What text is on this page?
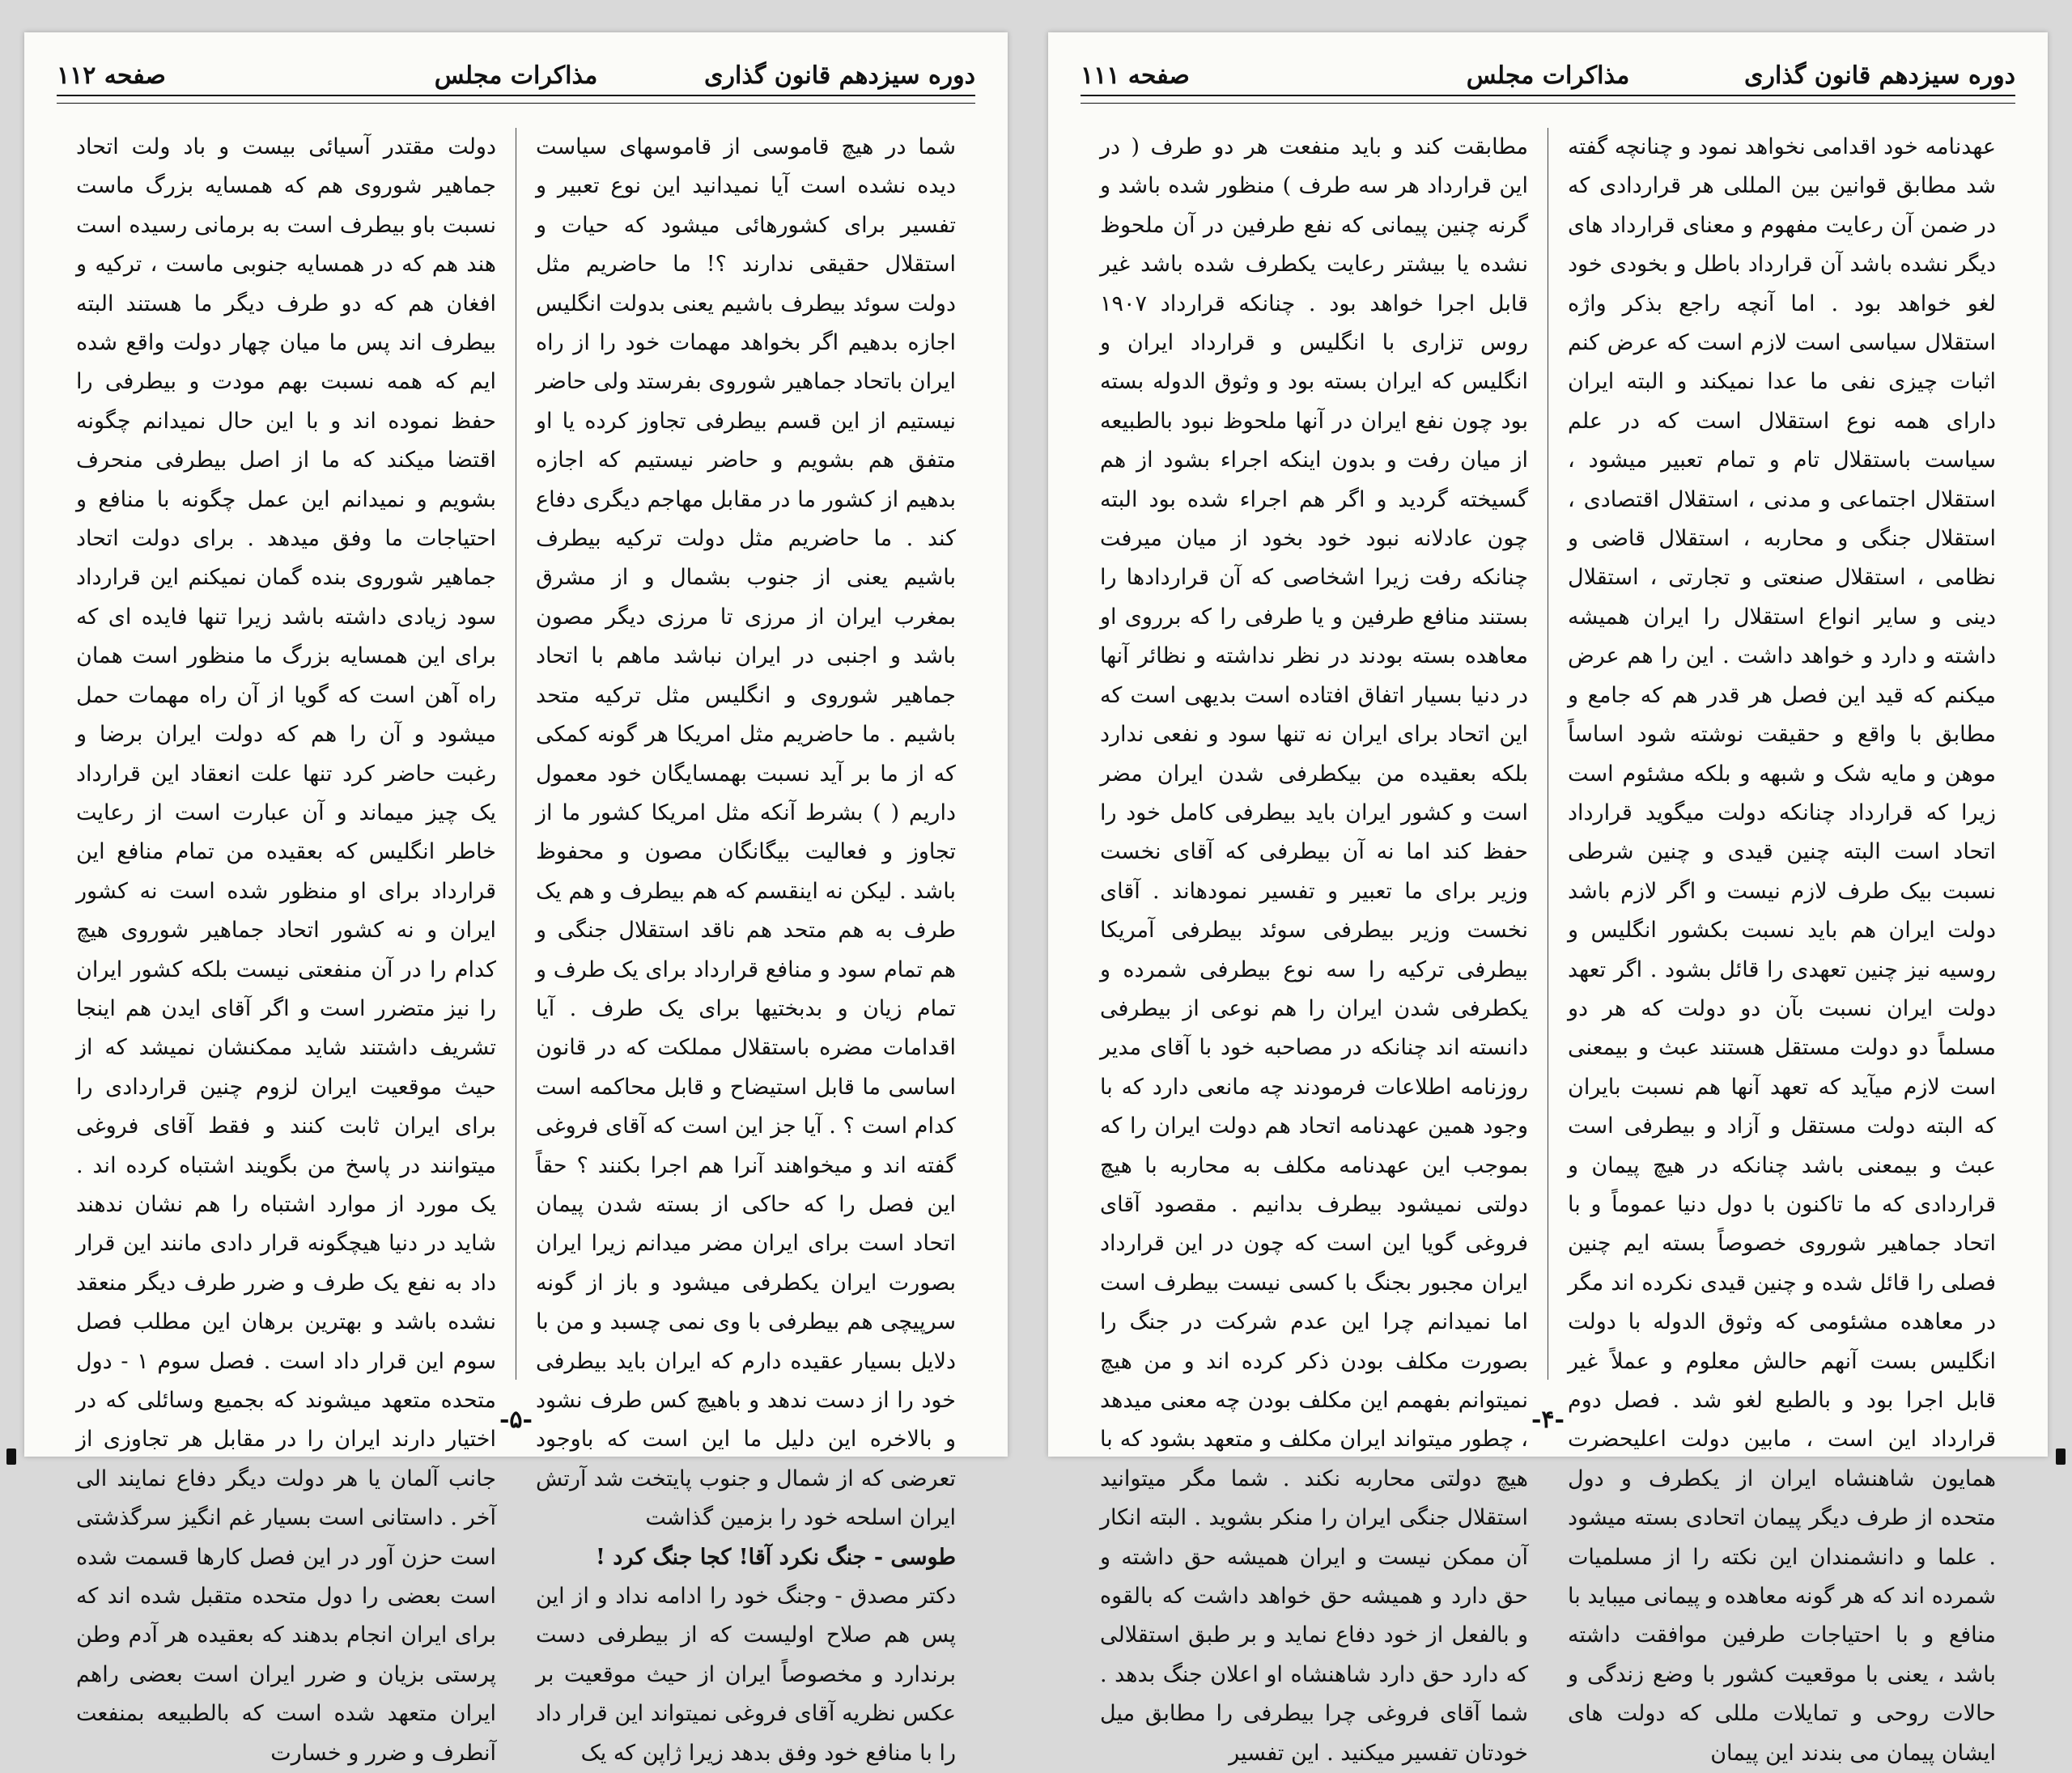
دوره سیزدهم قانون گذاری
مذاکرات مجلس
صفحه ۱۱۲

شما در هیچ قاموسی از قاموسهای سیاست دیده نشده است آیا نمیدانید این نوع تعبیر و تفسیر برای کشورهائی میشود که حیات و استقلال حقیقی ندارند ؟! ما حاضریم مثل دولت سوئد بیطرف باشیم یعنی بدولت انگلیس اجازه بدهیم اگر بخواهد مهمات خود را از راه ایران باتحاد جماهیر شوروی بفرستد ولی حاضر نیستیم از این قسم بیطرفی تجاوز کرده یا او متفق هم بشویم و حاضر نیستیم که اجازه بدهیم از کشور ما در مقابل مهاجم دیگری دفاع کند . ما حاضریم مثل دولت ترکیه بیطرف باشیم یعنی از جنوب بشمال و از مشرق بمغرب ایران از مرزی تا مرزی دیگر مصون باشد و اجنبی در ایران نباشد ماهم با اتحاد جماهیر شوروی و انگلیس مثل ترکیه متحد باشیم . ما حاضریم مثل امریکا هر گونه کمکی که از ما بر آید نسبت بهمسایگان خود معمول داریم ( ) بشرط آنکه مثل امریکا کشور ما از تجاوز و فعالیت بیگانگان مصون و محفوظ باشد . لیکن نه اینقسم که هم بیطرف و هم یک طرف به هم متحد هم ناقد استقلال جنگی و هم تمام سود و منافع قرارداد برای یک طرف و تمام زیان و بدبختیها برای یک طرف . آیا اقدامات مضره باستقلال مملکت که در قانون اساسی ما قابل استیضاح و قابل محاکمه است کدام است ؟ . آیا جز این است که آقای فروغی گفته اند و میخواهند آنرا هم اجرا بکنند ؟ حقاً این فصل را که حاکی از بسته شدن پیمان اتحاد است برای ایران مضر میدانم زیرا ایران بصورت ایران یکطرفی میشود و باز از گونه سرپیچی هم بیطرفی با وی نمی چسبد و من با دلایل بسیار عقیده دارم که ایران باید بیطرفی خود را از دست ندهد و باهیچ کس طرف نشود و بالاخره این دلیل ما این است که باوجود تعرضی که از شمال و جنوب پایتخت شد آرتش ایران اسلحه خود را بزمین گذاشت

طوسی - جنگ نکرد آقا! کجا جنگ کرد !

دکتر مصدق - وجنگ خود را ادامه نداد و از این پس هم صلاح اولیست که از بیطرفی دست برندارد و مخصوصاً ایران از حیث موقعیت بر عکس نظریه آقای فروغی نمیتواند این قرار داد را با منافع خود وفق بدهد زیرا ژاپن که یک

دولت مقتدر آسیائی بیست و باد ولت اتحاد جماهیر شوروی هم که همسایه بزرگ ماست نسبت باو بیطرف است به برمانی رسیده است هند هم که در همسایه جنوبی ماست ، ترکیه و افغان هم که دو طرف دیگر ما هستند البته بیطرف اند پس ما میان چهار دولت واقع شده ایم که همه نسبت بهم مودت و بیطرفی را حفظ نموده اند و با این حال نمیدانم چگونه اقتضا میکند که ما از اصل بیطرفی منحرف بشویم و نمیدانم این عمل چگونه با منافع و احتیاجات ما وفق میدهد . برای دولت اتحاد جماهیر شوروی بنده گمان نمیکنم این قرارداد سود زیادی داشته باشد زیرا تنها فایده ای که برای این همسایه بزرگ ما منظور است همان راه آهن است که گویا از آن راه مهمات حمل میشود و آن را هم که دولت ایران برضا و رغبت حاضر کرد تنها علت انعقاد این قرارداد یک چیز میماند و آن عبارت است از رعایت خاطر انگلیس که بعقیده من تمام منافع این قرارداد برای او منظور شده است نه کشور ایران و نه کشور اتحاد جماهیر شوروی هیچ کدام را در آن منفعتی نیست بلکه کشور ایران را نیز متضرر است و اگر آقای ایدن هم اینجا تشریف داشتند شاید ممکنشان نمیشد که از حیث موقعیت ایران لزوم چنین قراردادی را برای ایران ثابت کنند و فقط آقای فروغی میتوانند در پاسخ من بگویند اشتباه کرده اند . یک مورد از موارد اشتباه را هم نشان ندهند شاید در دنیا هیچگونه قرار دادی مانند این قرار داد به نفع یک طرف و ضرر طرف دیگر منعقد نشده باشد و بهترین برهان این مطلب فصل سوم این قرار داد است . فصل سوم ۱ - دول متحده متعهد میشوند که بجمیع وسائلی که در اختیار دارند ایران را در مقابل هر تجاوزی از جانب آلمان یا هر دولت دیگر دفاع نمایند الی آخر . داستانی است بسیار غم انگیز سرگذشتی است حزن آور در این فصل کارها قسمت شده است بعضی را دول متحده متقبل شده اند که برای ایران انجام بدهند که بعقیده هر آدم وطن پرستی بزیان و ضرر ایران است بعضی راهم ایران متعهد شده است که بالطبیعه بمنفعت آنطرف و ضرر و خسارت

-۵-
دوره سیزدهم قانون گذاری
مذاکرات مجلس
صفحه ۱۱۱

عهدنامه خود اقدامی نخواهد نمود و چنانچه گفته شد مطابق قوانین بین المللی هر قراردادی که در ضمن آن رعایت مفهوم و معنای قرارداد های دیگر نشده باشد آن قرارداد باطل و بخودی خود لغو خواهد بود . اما آنچه راجع بذکر واژه استقلال سیاسی است لازم است که عرض کنم اثبات چیزی نفی ما عدا نمیکند و البته ایران دارای همه نوع استقلال است که در علم سیاست باستقلال تام و تمام تعبیر میشود ، استقلال اجتماعی و مدنی ، استقلال اقتصادی ، استقلال جنگی و محاربه ، استقلال قاضی و نظامی ، استقلال صنعتی و تجارتی ، استقلال دینی و سایر انواع استقلال را ایران همیشه داشته و دارد و خواهد داشت . این را هم عرض میکنم که قید این فصل هر قدر هم که جامع و مطابق با واقع و حقیقت نوشته شود اساساً موهن و مایه شک و شبهه و بلکه مشئوم است زیرا که قرارداد چنانکه دولت میگوید قرارداد اتحاد است البته چنین قیدی و چنین شرطی نسبت بیک طرف لازم نیست و اگر لازم باشد دولت ایران هم باید نسبت بکشور انگلیس و روسیه نیز چنین تعهدی را قائل بشود . اگر تعهد دولت ایران نسبت بآن دو دولت که هر دو مسلماً دو دولت مستقل هستند عبث و بیمعنی است لازم میآید که تعهد آنها هم نسبت بایران که البته دولت مستقل و آزاد و بیطرفی است عبث و بیمعنی باشد چنانکه در هیچ پیمان و قراردادی که ما تاکنون با دول دنیا عموماً و با اتحاد جماهیر شوروی خصوصاً بسته ایم چنین فصلی را قائل شده و چنین قیدی نکرده اند مگر در معاهده مشئومی که وثوق الدوله با دولت انگلیس بست آنهم حالش معلوم و عملاً غیر قابل اجرا بود و بالطبع لغو شد . فصل دوم قرارداد این است ، مابین دولت اعلیحضرت همایون شاهنشاه ایران از یکطرف و دول متحده از طرف دیگر پیمان اتحادی بسته میشود . علما و دانشمندان این نکته را از مسلمیات شمرده اند که هر گونه معاهده و پیمانی میباید با منافع و با احتیاجات طرفین موافقت داشته باشد ، یعنی با موقعیت کشور با وضع زندگی و حالات روحی و تمایلات مللی که دولت های ایشان پیمان می بندند این پیمان

مطابقت کند و باید منفعت هر دو طرف ( در این قرارداد هر سه طرف ) منظور شده باشد و گرنه چنین پیمانی که نفع طرفین در آن ملحوظ نشده یا بیشتر رعایت یکطرف شده باشد غیر قابل اجرا خواهد بود . چنانکه قرارداد ۱۹۰۷ روس تزاری با انگلیس و قرارداد ایران و انگلیس که ایران بسته بود و وثوق الدوله بسته بود چون نفع ایران در آنها ملحوظ نبود بالطبیعه از میان رفت و بدون اینکه اجراء بشود از هم گسیخته گردید و اگر هم اجراء شده بود البته چون عادلانه نبود خود بخود از میان میرفت چنانکه رفت زیرا اشخاصی که آن قراردادها را بستند منافع طرفین و یا طرفی را که برروی او معاهده بسته بودند در نظر نداشته و نظائر آنها در دنیا بسیار اتفاق افتاده است بدیهی است که این اتحاد برای ایران نه تنها سود و نفعی ندارد بلکه بعقیده من بیکطرفی شدن ایران مضر است و کشور ایران باید بیطرفی کامل خود را حفظ کند اما نه آن بیطرفی که آقای نخست وزیر برای ما تعبیر و تفسیر نمودهاند . آقای نخست وزیر بیطرفی سوئد بیطرفی آمریکا بیطرفی ترکیه را سه نوع بیطرفی شمرده و یکطرفی شدن ایران را هم نوعی از بیطرفی دانسته اند چنانکه در مصاحبه خود با آقای مدیر روزنامه اطلاعات فرمودند چه مانعی دارد که با وجود همین عهدنامه اتحاد هم دولت ایران را که بموجب این عهدنامه مکلف به محاربه با هیچ دولتی نمیشود بیطرف بدانیم . مقصود آقای فروغی گویا این است که چون در این قرارداد ایران مجبور بجنگ با کسی نیست بیطرف است اما نمیدانم چرا این عدم شرکت در جنگ را بصورت مکلف بودن ذکر کرده اند و من هیچ نمیتوانم بفهمم این مکلف بودن چه معنی میدهد ، چطور میتواند ایران مکلف و متعهد بشود که با هیچ دولتی محاربه نکند . شما مگر میتوانید استقلال جنگی ایران را منکر بشوید . البته انکار آن ممکن نیست و ایران همیشه حق داشته و حق دارد و همیشه حق خواهد داشت که بالقوه و بالفعل از خود دفاع نماید و بر طبق استقلالی که دارد حق دارد شاهنشاه او اعلان جنگ بدهد . شما آقای فروغی چرا بیطرفی را مطابق میل خودتان تفسیر میکنید . این تفسیر

-۴-
